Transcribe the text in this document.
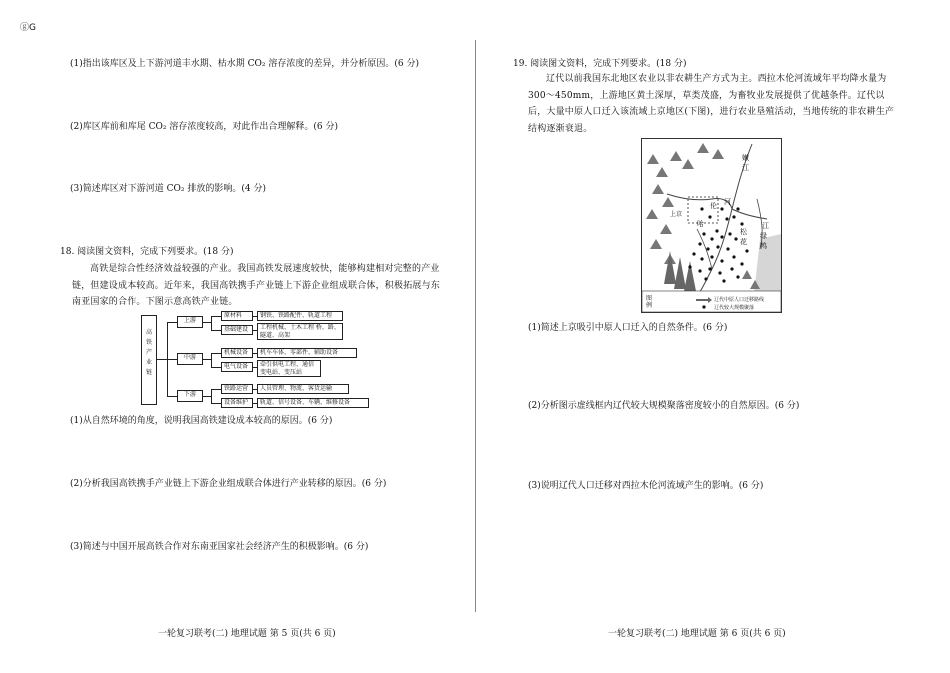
ⓖG
(1)指出该库区及上下游河道丰水期、枯水期 CO₂ 溶存浓度的差异，并分析原因。(6 分)
(2)库区库前和库尾 CO₂ 溶存浓度较高，对此作出合理解释。(6 分)
(3)简述库区对下游河道 CO₂ 排放的影响。(4 分)
18. 阅读图文资料，完成下列要求。(18 分)
高铁是综合性经济效益较强的产业。我国高铁发展速度较快，能够构建相对完整的产业链，但建设成本较高。近年来，我国高铁携手产业链上下游企业组成联合体，积极拓展与东南亚国家的合作。下图示意高铁产业链。
高铁产业链
上游
中游
下游
原材料
基础建设
钢铁、铁路配件、轨道工程
工程机械、土木工程 桥、路、隧道、高架
机械设备
电气设备
机车车体、零部件、辅助设备
牵引供电工程、通信 变电站、变压站
铁路运营
设备维护
人员管理、物流、客货运输
轨道、信号设备、车辆、维修设备
(1)从自然环境的角度，说明我国高铁建设成本较高的原因。(6 分)
(2)分析我国高铁携手产业链上下游企业组成联合体进行产业转移的原因。(6 分)
(3)简述与中国开展高铁合作对东南亚国家社会经济产生的积极影响。(6 分)
一轮复习联考(二) 地理试题 第 5 页(共 6 页)
19. 阅读图文资料，完成下列要求。(18 分)
辽代以前我国东北地区农业以非农耕生产方式为主。西拉木伦河流域年平均降水量为 300～450mm，上游地区黄土深厚，草类茂盛，为畜牧业发展提供了优越条件。辽代以后，大量中原人口迁入该流域上京地区(下图)，进行农业垦殖活动，当地传统的非农耕生产结构逐渐衰退。
嫩
江
伦 河
哈
松
花
江
鸭
绿
上京
图例
辽代中原人口迁移路线
辽代较大规模聚落
(1)简述上京吸引中原人口迁入的自然条件。(6 分)
(2)分析图示虚线框内辽代较大规模聚落密度较小的自然原因。(6 分)
(3)说明辽代人口迁移对西拉木伦河流域产生的影响。(6 分)
一轮复习联考(二) 地理试题 第 6 页(共 6 页)
